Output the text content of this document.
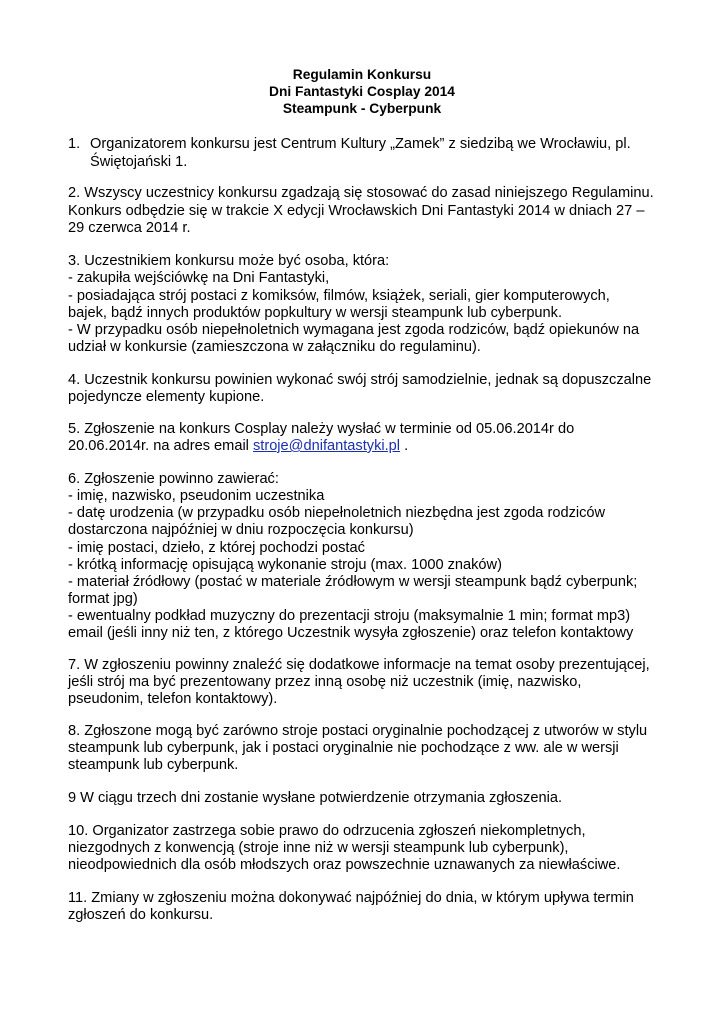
Regulamin Konkursu
Dni Fantastyki Cosplay 2014
Steampunk - Cyberpunk
1. Organizatorem konkursu jest Centrum Kultury „Zamek” z siedzibą we Wrocławiu, pl.
Świętojański 1.
2. Wszyscy uczestnicy konkursu zgadzają się stosować do zasad niniejszego Regulaminu.
Konkurs odbędzie się w trakcie X edycji Wrocławskich Dni Fantastyki 2014 w dniach 27 –
29 czerwca 2014 r.
3. Uczestnikiem konkursu może być osoba, która:
- zakupiła wejściówkę na Dni Fantastyki,
- posiadająca strój postaci z komiksów, filmów, książek, seriali, gier komputerowych,
bajek, bądź innych produktów popkultury w wersji steampunk lub cyberpunk.
- W przypadku osób niepełnoletnich wymagana jest zgoda rodziców, bądź opiekunów na
udział w konkursie (zamieszczona w załączniku do regulaminu).
4. Uczestnik konkursu powinien wykonać swój strój samodzielnie, jednak są dopuszczalne
pojedyncze elementy kupione.
5. Zgłoszenie na konkurs Cosplay należy wysłać w terminie od 05.06.2014r do
20.06.2014r. na adres email stroje@dnifantastyki.pl .
6. Zgłoszenie powinno zawierać:
- imię, nazwisko, pseudonim uczestnika
- datę urodzenia (w przypadku osób niepełnoletnich niezbędna jest zgoda rodziców
dostarczona najpóźniej w dniu rozpoczęcia konkursu)
- imię postaci, dzieło, z której pochodzi postać
- krótką informację opisującą wykonanie stroju (max. 1000 znaków)
- materiał źródłowy (postać w materiale źródłowym w wersji steampunk bądź cyberpunk;
format jpg)
- ewentualny podkład muzyczny do prezentacji stroju (maksymalnie 1 min; format mp3)
email (jeśli inny niż ten, z którego Uczestnik wysyła zgłoszenie) oraz telefon kontaktowy
7. W zgłoszeniu powinny znaleźć się dodatkowe informacje na temat osoby prezentującej,
jeśli strój ma być prezentowany przez inną osobę niż uczestnik (imię, nazwisko,
pseudonim, telefon kontaktowy).
8. Zgłoszone mogą być zarówno stroje postaci oryginalnie pochodzącej z utworów w stylu
steampunk lub cyberpunk, jak i postaci oryginalnie nie pochodzące z ww. ale w wersji
steampunk lub cyberpunk.
9 W ciągu trzech dni zostanie wysłane potwierdzenie otrzymania zgłoszenia.
10. Organizator zastrzega sobie prawo do odrzucenia zgłoszeń niekompletnych,
niezgodnych z konwencją (stroje inne niż w wersji steampunk lub cyberpunk),
nieodpowiednich dla osób młodszych oraz powszechnie uznawanych za niewłaściwe.
11. Zmiany w zgłoszeniu można dokonywać najpóźniej do dnia, w którym upływa termin
zgłoszeń do konkursu.
